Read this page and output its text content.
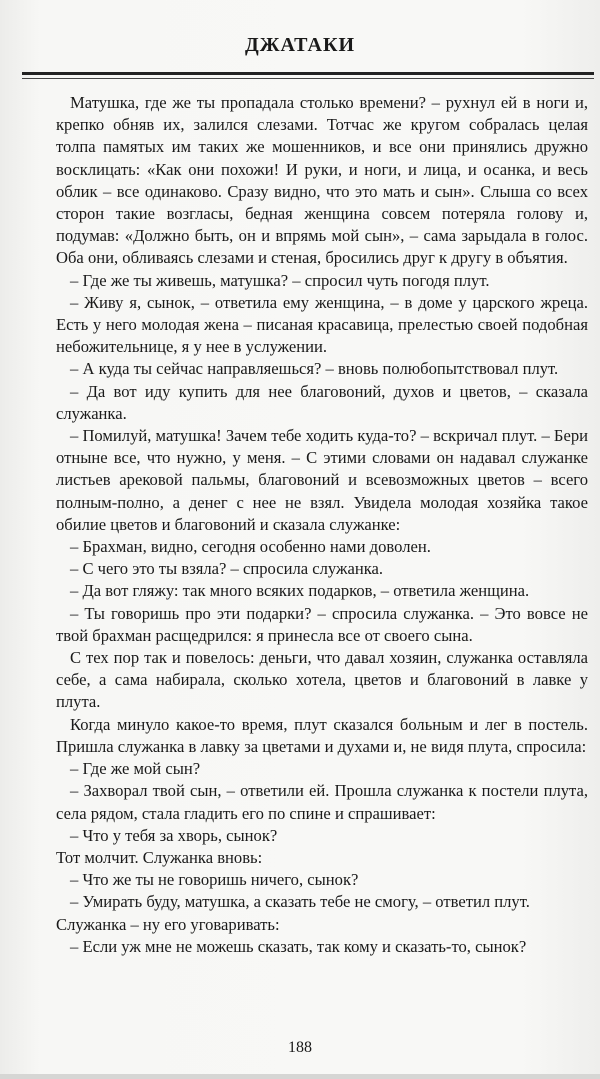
ДЖАТАКИ

Матушка, где же ты пропадала столько времени? – рухнул ей в ноги и, крепко обняв их, залился слезами. Тотчас же кругом собралась целая толпа памятых им таких же мошенников, и все они принялись дружно восклицать: «Как они похожи! И руки, и ноги, и лица, и осанка, и весь облик – все одинаково. Сразу видно, что это мать и сын». Слыша со всех сторон такие возгласы, бедная женщина совсем потеряла голову и, подумав: «Должно быть, он и впрямь мой сын», – сама зарыдала в голос. Оба они, обливаясь слезами и стеная, бросились друг к другу в объятия.

– Где же ты живешь, матушка? – спросил чуть погодя плут.

– Живу я, сынок, – ответила ему женщина, – в доме у царского жреца. Есть у него молодая жена – писаная красавица, прелестью своей подобная небожительнице, я у нее в услужении.

– А куда ты сейчас направляешься? – вновь полюбопытствовал плут.

– Да вот иду купить для нее благовоний, духов и цветов, – сказала служанка.

– Помилуй, матушка! Зачем тебе ходить куда-то? – вскричал плут. – Бери отныне все, что нужно, у меня. – С этими словами он надавал служанке листьев арековой пальмы, благовоний и всевозможных цветов – всего полным-полно, а денег с нее не взял. Увидела молодая хозяйка такое обилие цветов и благовоний и сказала служанке:

– Брахман, видно, сегодня особенно нами доволен.

– С чего это ты взяла? – спросила служанка.

– Да вот гляжу: так много всяких подарков, – ответила женщина.

– Ты говоришь про эти подарки? – спросила служанка. – Это вовсе не твой брахман расщедрился: я принесла все от своего сына.

С тех пор так и повелось: деньги, что давал хозяин, служанка оставляла себе, а сама набирала, сколько хотела, цветов и благовоний в лавке у плута.

Когда минуло какое-то время, плут сказался больным и лег в постель. Пришла служанка в лавку за цветами и духами и, не видя плута, спросила:

– Где же мой сын?

– Захворал твой сын, – ответили ей. Прошла служанка к постели плута, села рядом, стала гладить его по спине и спрашивает:

– Что у тебя за хворь, сынок?

Тот молчит. Служанка вновь:

– Что же ты не говоришь ничего, сынок?

– Умирать буду, матушка, а сказать тебе не смогу, – ответил плут.

Служанка – ну его уговаривать:

– Если уж мне не можешь сказать, так кому и сказать-то, сынок?

188
